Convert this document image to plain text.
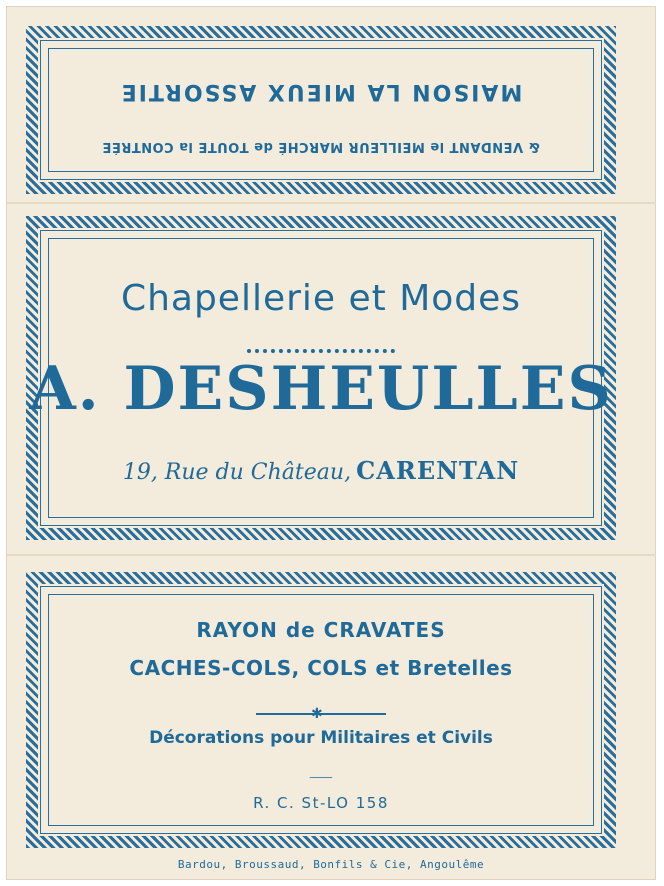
& VENDANT le MEILLEUR MARCHÉ de TOUTE la CONTRÉE
MAISON LA MIEUX ASSORTIE
Chapellerie et Modes
A. DESHEULLES
19, Rue du Château, CARENTAN
RAYON de CRAVATES
CACHES-COLS, COLS et Bretelles
✱
Décorations pour Militaires et Civils
⸺
R. C. St-LO 158
Bardou, Broussaud, Bonfils & Cie, Angoulême
